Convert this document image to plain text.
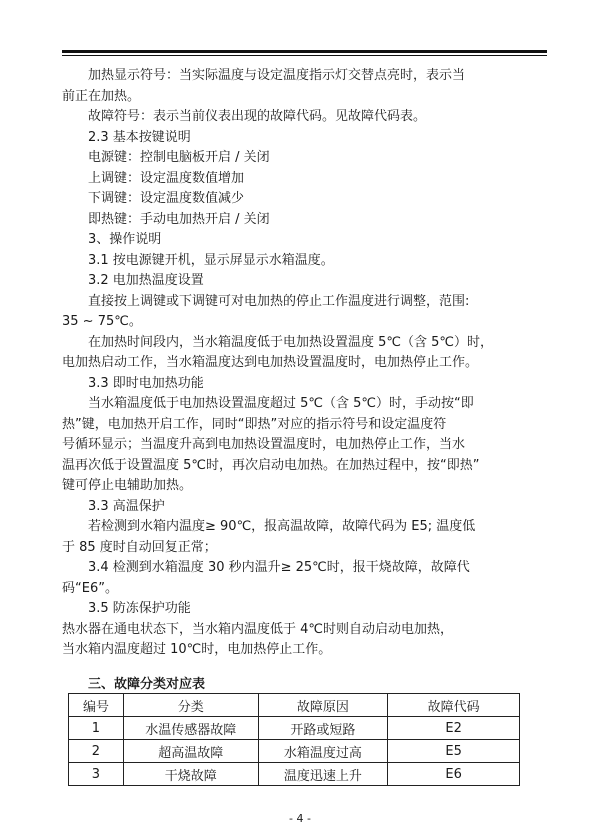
加热显示符号：当实际温度与设定温度指示灯交替点亮时，表示当

前正在加热。

故障符号：表示当前仪表出现的故障代码。见故障代码表。

2.3 基本按键说明

电源键：控制电脑板开启 / 关闭

上调键：设定温度数值增加

下调键：设定温度数值减少

即热键：手动电加热开启 / 关闭

3、操作说明

3.1 按电源键开机，显示屏显示水箱温度。

3.2 电加热温度设置

直接按上调键或下调键可对电加热的停止工作温度进行调整，范围:

35 ~ 75℃。

在加热时间段内，当水箱温度低于电加热设置温度 5℃（含 5℃）时，

电加热启动工作，当水箱温度达到电加热设置温度时，电加热停止工作。

3.3 即时电加热功能

当水箱温度低于电加热设置温度超过 5℃（含 5℃）时，手动按“即

热”键，电加热开启工作，同时“即热”对应的指示符号和设定温度符

号循环显示；当温度升高到电加热设置温度时，电加热停止工作，当水

温再次低于设置温度 5℃时，再次启动电加热。在加热过程中，按“即热”

键可停止电辅助加热。

3.3 高温保护

若检测到水箱内温度≥ 90℃，报高温故障，故障代码为 E5; 温度低

于 85 度时自动回复正常；

3.4 检测到水箱温度 30 秒内温升≥ 25℃时，报干烧故障，故障代

码“E6”。

3.5 防冻保护功能

热水器在通电状态下，当水箱内温度低于 4℃时则自动启动电加热，

当水箱内温度超过 10℃时，电加热停止工作。

三、故障分类对应表
编号	分类	故障原因	故障代码
1	水温传感器故障	开路或短路	E2
2	超高温故障	水箱温度过高	E5
3	干烧故障	温度迅速上升	E6
- 4 -
